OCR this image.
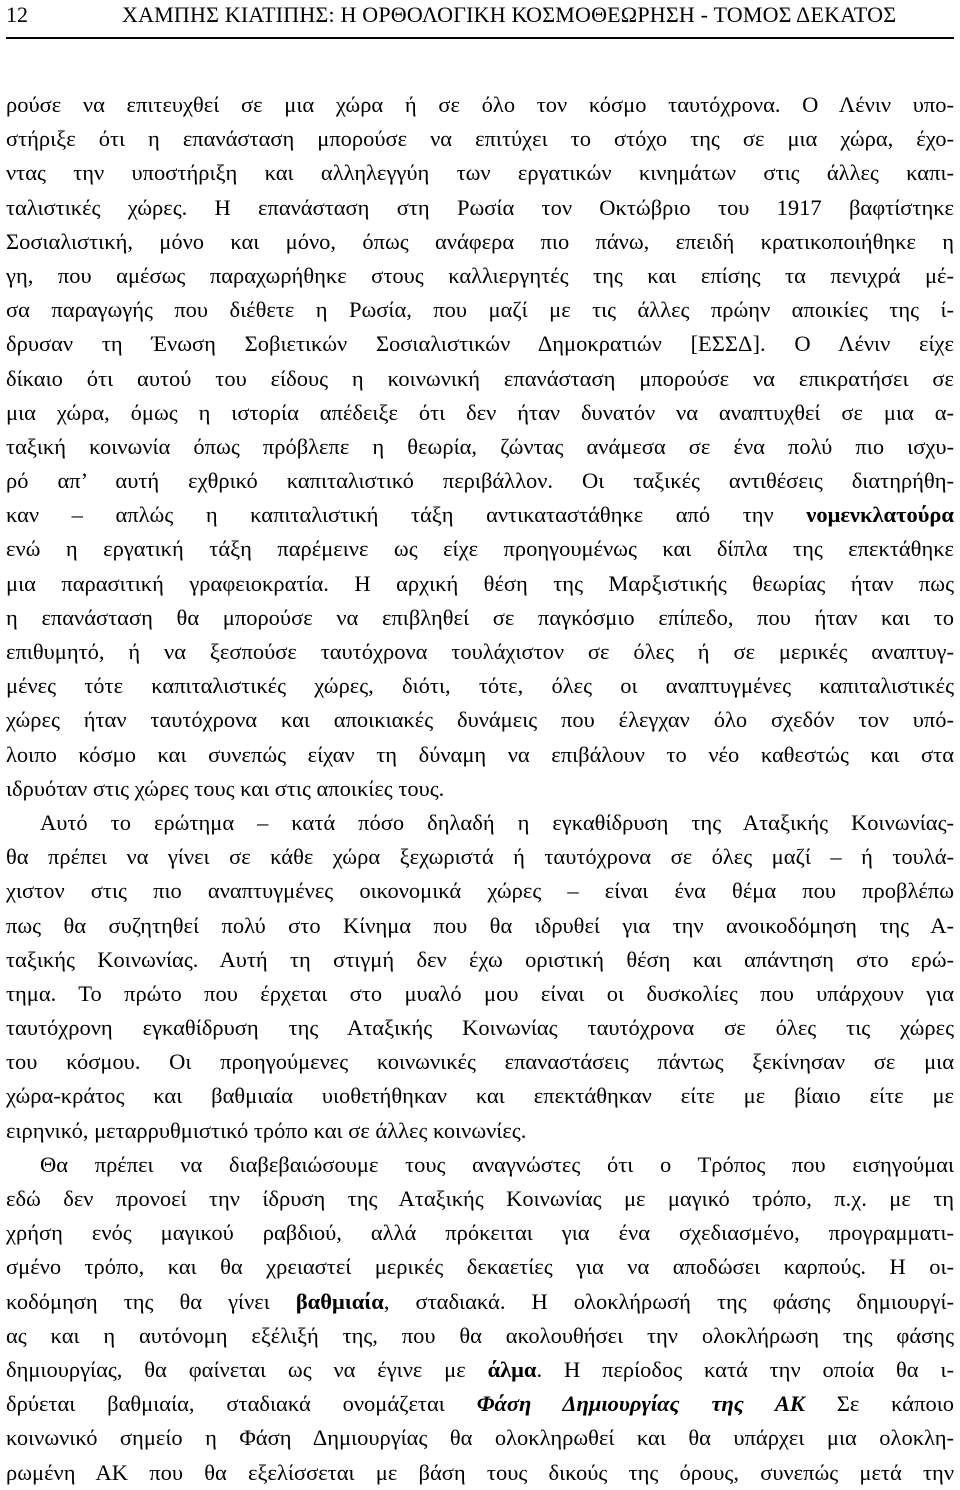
12	ΧΑΜΠΗΣ ΚΙΑΤΙΠΗΣ: Η ΟΡΘΟΛΟΓΙΚΗ ΚΟΣΜΟΘΕΩΡΗΣΗ - ΤΟΜΟΣ ΔΕΚΑΤΟΣ
ρούσε να επιτευχθεί σε μια χώρα ή σε όλο τον κόσμο ταυτόχρονα. Ο Λένιν υπο-
στήριξε ότι η επανάσταση μπορούσε να επιτύχει το στόχο της σε μια χώρα, έχο-
ντας την υποστήριξη και αλληλεγγύη των εργατικών κινημάτων στις άλλες καπι-
ταλιστικές χώρες. Η επανάσταση στη Ρωσία τον Οκτώβριο του 1917 βαφτίστηκε
Σοσιαλιστική, μόνο και μόνο, όπως ανάφερα πιο πάνω, επειδή κρατικοποιήθηκε η
γη, που αμέσως παραχωρήθηκε στους καλλιεργητές της και επίσης τα πενιχρά μέ-
σα παραγωγής που διέθετε η Ρωσία, που μαζί με τις άλλες πρώην αποικίες της ί-
δρυσαν τη Ένωση Σοβιετικών Σοσιαλιστικών Δημοκρατιών [ΕΣΣΔ]. Ο Λένιν είχε
δίκαιο ότι αυτού του είδους η κοινωνική επανάσταση μπορούσε να επικρατήσει σε
μια χώρα, όμως η ιστορία απέδειξε ότι δεν ήταν δυνατόν να αναπτυχθεί σε μια α-
ταξική κοινωνία όπως πρόβλεπε η θεωρία, ζώντας ανάμεσα σε ένα πολύ πιο ισχυ-
ρό απ’ αυτή εχθρικό καπιταλιστικό περιβάλλον. Οι ταξικές αντιθέσεις διατηρήθη-
καν – απλώς η καπιταλιστική τάξη αντικαταστάθηκε από την νομενκλατούρα
ενώ η εργατική τάξη παρέμεινε ως είχε προηγουμένως και δίπλα της επεκτάθηκε
μια παρασιτική γραφειοκρατία. Η αρχική θέση της Μαρξιστικής θεωρίας ήταν πως
η επανάσταση θα μπορούσε να επιβληθεί σε παγκόσμιο επίπεδο, που ήταν και το
επιθυμητό, ή να ξεσπούσε ταυτόχρονα τουλάχιστον σε όλες ή σε μερικές αναπτυγ-
μένες τότε καπιταλιστικές χώρες, διότι, τότε, όλες οι αναπτυγμένες καπιταλιστικές
χώρες ήταν ταυτόχρονα και αποικιακές δυνάμεις που έλεγχαν όλο σχεδόν τον υπό-
λοιπο κόσμο και συνεπώς είχαν τη δύναμη να επιβάλουν το νέο καθεστώς και στα
ιδρυόταν στις χώρες τους και στις αποικίες τους.
Αυτό το ερώτημα – κατά πόσο δηλαδή η εγκαθίδρυση της Αταξικής Κοινωνίας-
θα πρέπει να γίνει σε κάθε χώρα ξεχωριστά ή ταυτόχρονα σε όλες μαζί – ή τουλά-
χιστον στις πιο αναπτυγμένες οικονομικά χώρες – είναι ένα θέμα που προβλέπω
πως θα συζητηθεί πολύ στο Κίνημα που θα ιδρυθεί για την ανοικοδόμηση της Α-
ταξικής Κοινωνίας. Αυτή τη στιγμή δεν έχω οριστική θέση και απάντηση στο ερώ-
τημα. Το πρώτο που έρχεται στο μυαλό μου είναι οι δυσκολίες που υπάρχουν για
ταυτόχρονη εγκαθίδρυση της Αταξικής Κοινωνίας ταυτόχρονα σε όλες τις χώρες
του κόσμου. Οι προηγούμενες κοινωνικές επαναστάσεις πάντως ξεκίνησαν σε μια
χώρα-κράτος και βαθμιαία υιοθετήθηκαν και επεκτάθηκαν είτε με βίαιο είτε με
ειρηνικό, μεταρρυθμιστικό τρόπο και σε άλλες κοινωνίες.
Θα πρέπει να διαβεβαιώσουμε τους αναγνώστες ότι ο Τρόπος που εισηγούμαι
εδώ δεν προνοεί την ίδρυση της Αταξικής Κοινωνίας με μαγικό τρόπο, π.χ. με τη
χρήση ενός μαγικού ραβδιού, αλλά πρόκειται για ένα σχεδιασμένο, προγραμματι-
σμένο τρόπο, και θα χρειαστεί μερικές δεκαετίες για να αποδώσει καρπούς. Η οι-
κοδόμηση της θα γίνει βαθμιαία, σταδιακά. Η ολοκλήρωσή της φάσης δημιουργί-
ας και η αυτόνομη εξέλιξή της, που θα ακολουθήσει την ολοκλήρωση της φάσης
δημιουργίας, θα φαίνεται ως να έγινε με άλμα. Η περίοδος κατά την οποία θα ι-
δρύεται βαθμιαία, σταδιακά ονομάζεται Φάση Δημιουργίας της ΑΚ Σε κάποιο
κοινωνικό σημείο η Φάση Δημιουργίας θα ολοκληρωθεί και θα υπάρχει μια ολοκλη-
ρωμένη ΑΚ που θα εξελίσσεται με βάση τους δικούς της όρους, συνεπώς μετά την
